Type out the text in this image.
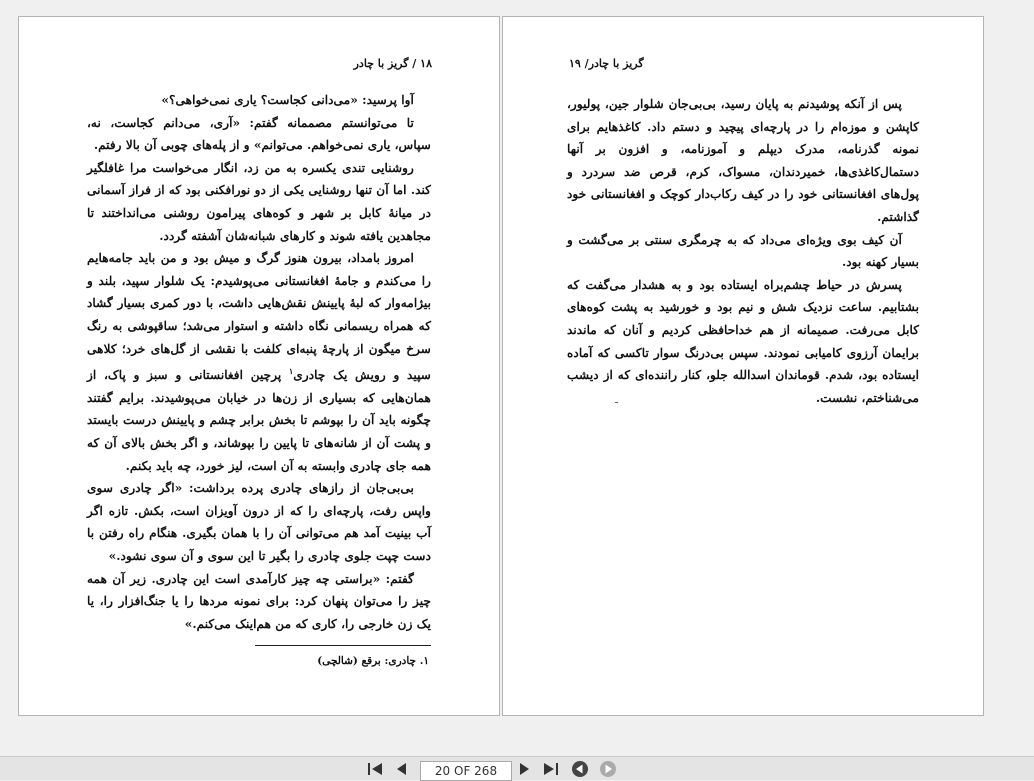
۱۸ / گریز با چادر

آوا پرسید: «می‌دانی کجاست؟ یاری نمی‌خواهی؟»

تا می‌توانستم مصممانه گفتم: «آری، می‌دانم کجاست، نه، سپاس، یاری نمی‌خواهم. می‌توانم» و از پله‌های چوبی آن بالا رفتم.

روشنایی تندی یکسره به من زد، انگار می‌خواست مرا غافلگیر کند. اما آن تنها روشنایی یکی از دو نورافکنی بود که از فراز آسمانی در میانهٔ کابل بر شهر و کوه‌های پیرامون روشنی می‌انداختند تا مجاهدین یافته شوند و کارهای شبانه‌شان آشفته گردد.

امروز بامداد، بیرون هنوز گرگ و میش بود و من باید جامه‌هایم را می‌کندم و جامهٔ افغانستانی می‌پوشیدم: یک شلوار سپید، بلند و بیژامه‌وار که لبهٔ پایینش نقش‌هایی داشت، با دور کمری بسیار گشاد که همراه ریسمانی نگاه داشته و استوار می‌شد؛ ساقپوشی به رنگ سرخ میگون از پارچهٔ پنبه‌ای کلفت با نقشی از گل‌های خرد؛ کلاهی سپید و رویش یک چادری$^۱$ پرچین افغانستانی و سبز و پاک، از همان‌هایی که بسیاری از زن‌ها در خیابان می‌پوشیدند. برایم گفتند چگونه باید آن را بپوشم تا بخش برابر چشم و پایینش درست بایستد و پشت آن از شانه‌های تا پایین را بپوشاند، و اگر بخش بالای آن که همه جای چادری وابسته به آن است، لیز خورد، چه باید بکنم.

بی‌بی‌جان از رازهای چادری پرده برداشت: «اگر چادری سوی واپس رفت، پارچه‌ای را که از درون آویزان است، بکش. تازه اگر آب بینیت آمد هم می‌توانی آن را با همان بگیری. هنگام راه رفتن با دست چپت جلوی چادری را بگیر تا این سوی و آن سوی نشود.»

گفتم: «براستی چه چیز کارآمدی است این چادری. زیر آن همه چیز را می‌توان پنهان کرد: برای نمونه مردها را یا جنگ‌افزار را، یا یک زن خارجی را، کاری که من هم‌اینک می‌کنم.»

۱. چادری: برقع (شالچی)
گریز با چادر/ ۱۹

پس از آنکه پوشیدنم به پایان رسید، بی‌بی‌جان شلوار جین، پولیور، کاپشن و موزه‌ام را در پارچه‌ای پیچید و دستم داد. کاغذهایم برای نمونه گذرنامه، مدرک دیپلم و آموزنامه، و افزون بر آنها دستمال‌کاغذی‌ها، خمیردندان، مسواک، کرم، قرص ضد سردرد و پول‌های افغانستانی خود را در کیف رکاب‌دار کوچک و افغانستانی خود گذاشتم.

آن کیف بوی ویژه‌ای می‌داد که به چرمگری سنتی بر می‌گشت و بسیار کهنه بود.

پسرش در حیاط چشم‌براه ایستاده بود و به هشدار می‌گفت که بشتابیم. ساعت نزدیک شش و نیم بود و خورشید به پشت کوه‌های کابل می‌رفت. صمیمانه از هم خداحافظی کردیم و آنان که ماندند برایمان آرزوی کامیابی نمودند. سپس بی‌درنگ سوار تاکسی که آماده ایستاده بود، شدم. قوماندان اسدالله جلو، کنار راننده‌ای که از دیشب می‌شناختم، نشست.

ـ
20 OF 268
